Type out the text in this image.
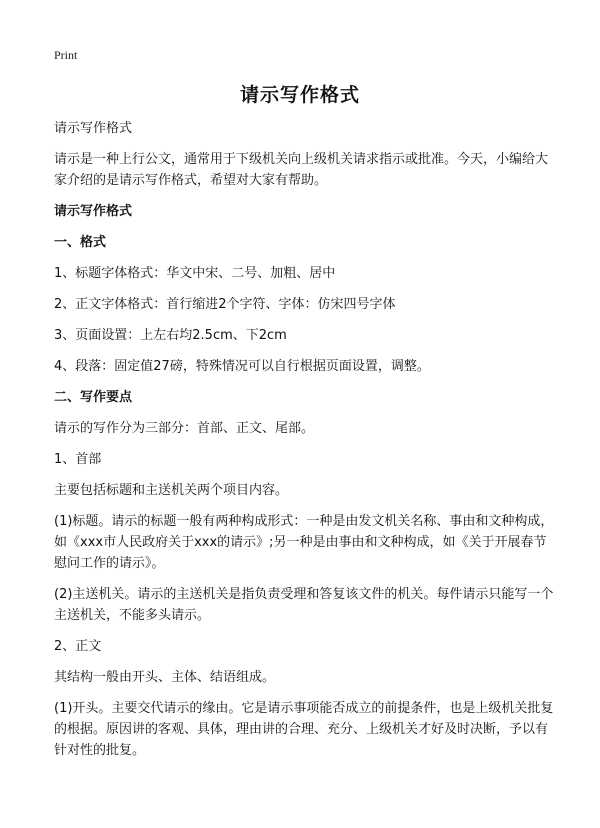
Print
请示写作格式

请示写作格式

请示是一种上行公文，通常用于下级机关向上级机关请求指示或批准。今天，小编给大家介绍的是请示写作格式，希望对大家有帮助。

请示写作格式

一、格式

1、标题字体格式：华文中宋、二号、加粗、居中

2、正文字体格式：首行缩进2个字符、字体：仿宋四号字体

3、页面设置：上左右均2.5cm、下2cm

4、段落：固定值27磅，特殊情况可以自行根据页面设置，调整。

二、写作要点

请示的写作分为三部分：首部、正文、尾部。

1、首部

主要包括标题和主送机关两个项目内容。

(1)标题。请示的标题一般有两种构成形式：一种是由发文机关名称、事由和文种构成，如《xxx市人民政府关于xxx的请示》;另一种是由事由和文种构成，如《关于开展春节慰问工作的请示》。

(2)主送机关。请示的主送机关是指负责受理和答复该文件的机关。每件请示只能写一个主送机关，不能多头请示。

2、正文

其结构一般由开头、主体、结语组成。

(1)开头。主要交代请示的缘由。它是请示事项能否成立的前提条件，也是上级机关批复的根据。原因讲的客观、具体，理由讲的合理、充分、上级机关才好及时决断，予以有针对性的批复。
